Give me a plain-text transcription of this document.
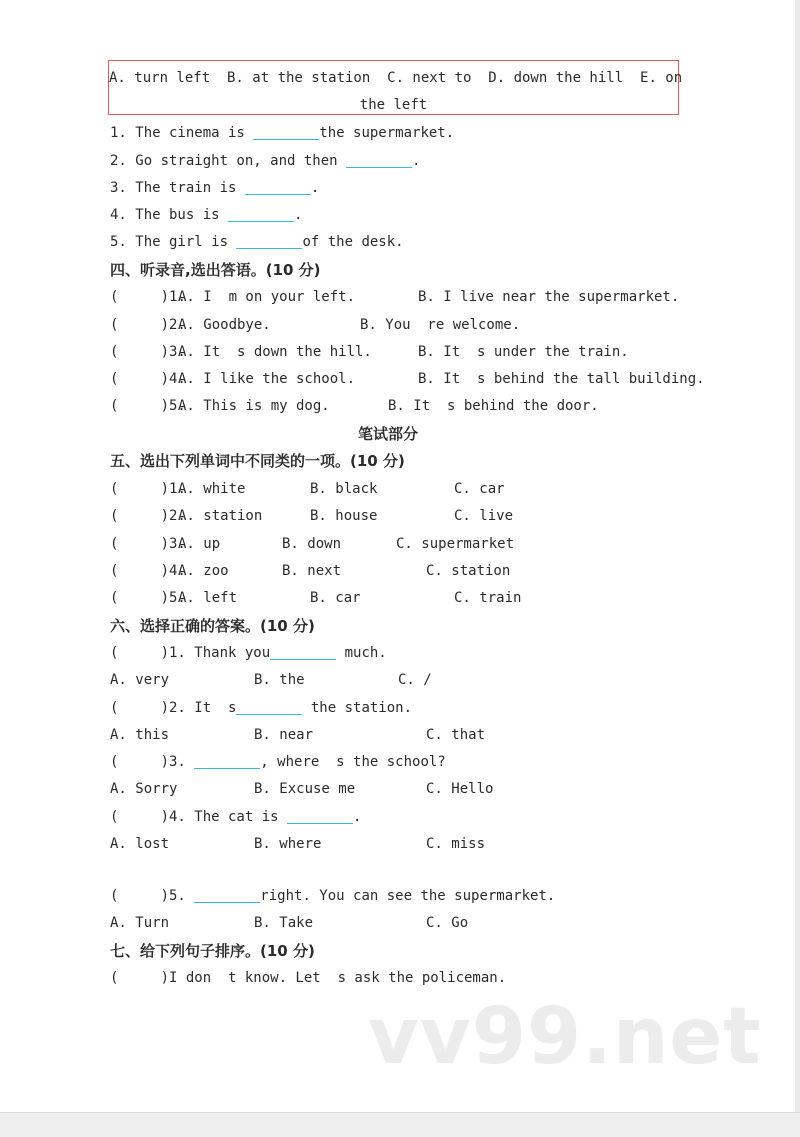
A. turn left  B. at the station  C. next to  D. down the hill  E. on
the left
1. The cinema is	the supermarket.
2. Go straight on, and then	.
3. The train is	.
4. The bus is	.
5. The girl is	of the desk.
四、听录音,选出答语。(10 分)
(     )1.
A. I  m on your left.	B. I live near the supermarket.
(     )2.
A. Goodbye.	B. You  re welcome.
(     )3.
A. It  s down the hill.	B. It  s under the train.
(     )4.
A. I like the school.	B. It  s behind the tall building.
(     )5.
A. This is my dog.	B. It  s behind the door.
笔试部分
五、选出下列单词中不同类的一项。(10 分)
(     )1.
A. white	B. black	C. car
(     )2.
A. station	B. house	C. live
(     )3.
A. up	B. down	C. supermarket
(     )4.
A. zoo	B. next	C. station
(     )5.
A. left	B. car	C. train
六、选择正确的答案。(10 分)
(     )1. Thank you	much.
A. very	B. the	C. /
(     )2. It  s	the station.
A. this	B. near	C. that
(     )3.	, where  s the school?
A. Sorry	B. Excuse me	C. Hello
(     )4. The cat is	.
A. lost	B. where	C. miss
(     )5.	right. You can see the supermarket.
A. Turn	B. Take	C. Go
七、给下列句子排序。(10 分)
(     )I don  t know. Let  s ask the policeman.
vv99.net
